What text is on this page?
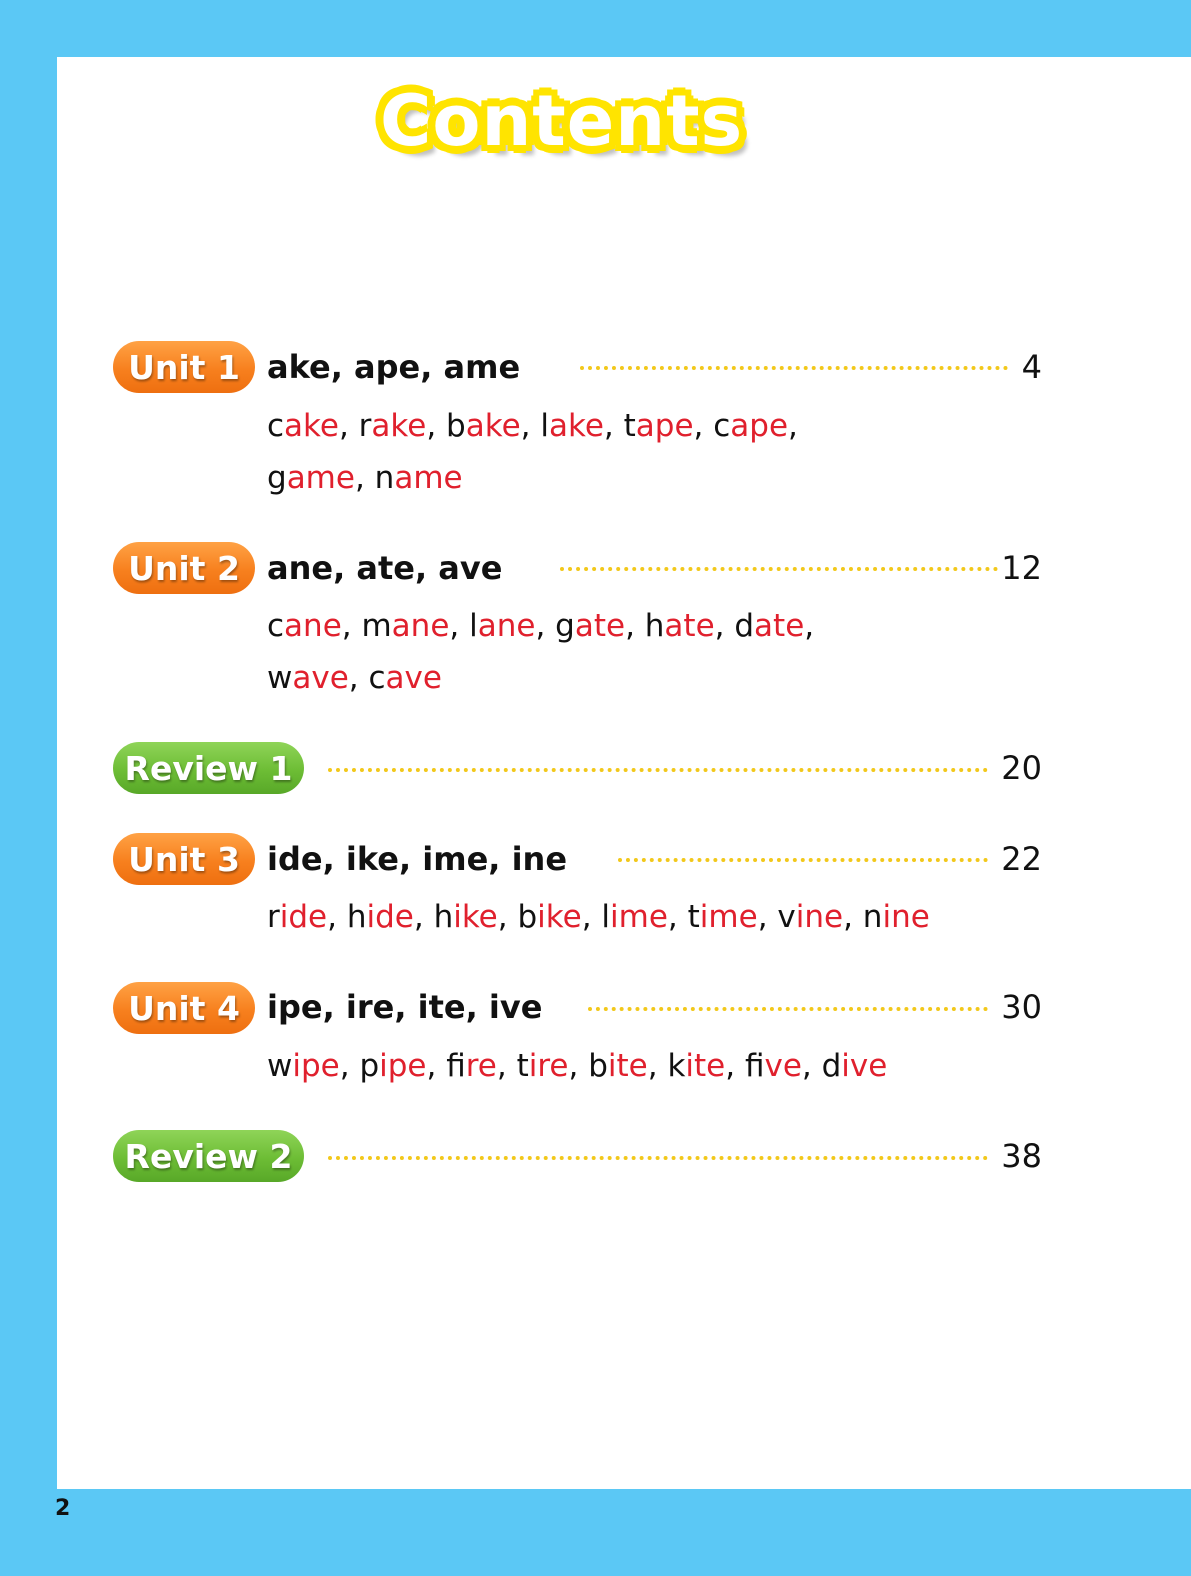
Contents
Unit 1 ake, ape, ame	4
cake, rake, bake, lake, tape, cape,
game, name
Unit 2 ane, ate, ave	12
cane, mane, lane, gate, hate, date,
wave, cave
Review 1	20
Unit 3 ide, ike, ime, ine	22
ride, hide, hike, bike, lime, time, vine, nine
Unit 4 ipe, ire, ite, ive	30
wipe, pipe, fire, tire, bite, kite, five, dive
Review 2	38
2
